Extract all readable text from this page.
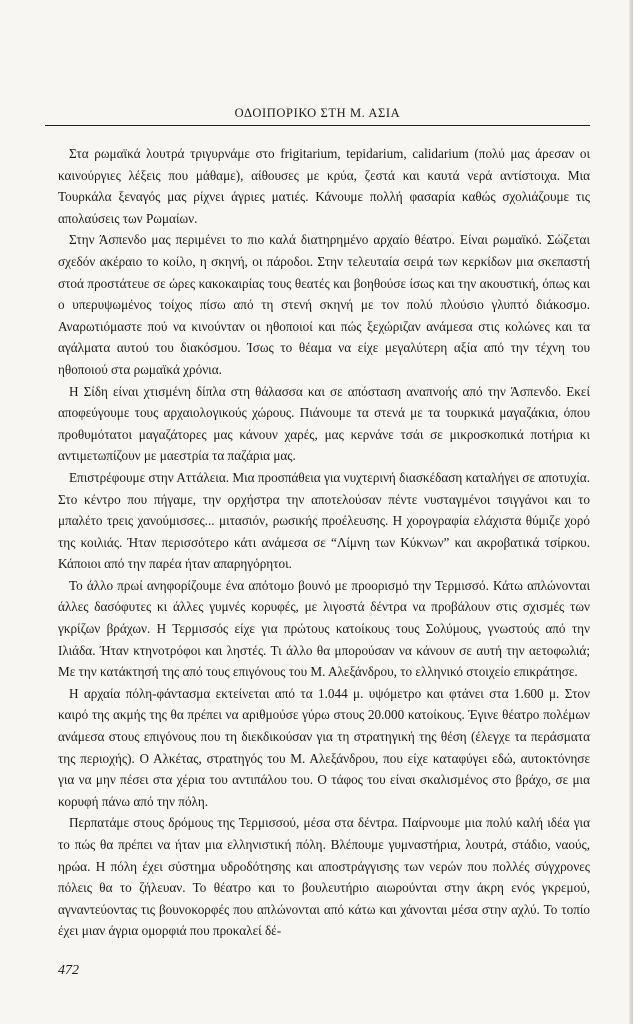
ΟΔΟΙΠΟΡΙΚΟ ΣΤΗ Μ. ΑΣΙΑ

Στα ρωμαϊκά λουτρά τριγυρνάμε στο frigitarium, tepidarium, calidarium (πολύ μας άρεσαν οι καινούργιες λέξεις που μάθαμε), αίθουσες με κρύα, ζεστά και καυτά νερά αντίστοιχα. Μια Τουρκάλα ξεναγός μας ρίχνει άγριες ματιές. Κάνουμε πολλή φασαρία καθώς σχολιάζουμε τις απολαύσεις των Ρωμαίων.

Στην Άσπενδο μας περιμένει το πιο καλά διατηρημένο αρχαίο θέατρο. Είναι ρωμαϊκό. Σώζεται σχεδόν ακέραιο το κοίλο, η σκηνή, οι πάροδοι. Στην τελευταία σειρά των κερκίδων μια σκεπαστή στοά προστάτευε σε ώρες κακοκαιρίας τους θεατές και βοηθούσε ίσως και την ακουστική, όπως και ο υπερυψωμένος τοίχος πίσω από τη στενή σκηνή με τον πολύ πλούσιο γλυπτό διάκοσμο. Αναρωτιόμαστε πού να κινούνταν οι ηθοποιοί και πώς ξεχώριζαν ανάμεσα στις κολώνες και τα αγάλματα αυτού του διακόσμου. Ίσως το θέαμα να είχε μεγαλύτερη αξία από την τέχνη του ηθοποιού στα ρωμαϊκά χρόνια.

Η Σίδη είναι χτισμένη δίπλα στη θάλασσα και σε απόσταση αναπνοής από την Άσπενδο. Εκεί αποφεύγουμε τους αρχαιολογικούς χώρους. Πιάνουμε τα στενά με τα τουρκικά μαγαζάκια, όπου προθυμότατοι μαγαζάτορες μας κάνουν χαρές, μας κερνάνε τσάι σε μικροσκοπικά ποτήρια κι αντιμετωπίζουν με μαεστρία τα παζάρια μας.

Επιστρέφουμε στην Αττάλεια. Μια προσπάθεια για νυχτερινή διασκέδαση καταλήγει σε αποτυχία. Στο κέντρο που πήγαμε, την ορχήστρα την αποτελούσαν πέντε νυσταγμένοι τσιγγάνοι και το μπαλέτο τρεις χανούμισσες... μιτασιόν, ρωσικής προέλευσης. Η χορογραφία ελάχιστα θύμιζε χορό της κοιλιάς. Ήταν περισσότερο κάτι ανάμεσα σε “Λίμνη των Κύκνων” και ακροβατικά τσίρκου. Κάποιοι από την παρέα ήταν απαρηγόρητοι.

Το άλλο πρωί ανηφορίζουμε ένα απότομο βουνό με προορισμό την Τερμισσό. Κάτω απλώνονται άλλες δασόφυτες κι άλλες γυμνές κορυφές, με λιγοστά δέντρα να προβάλουν στις σχισμές των γκρίζων βράχων. Η Τερμισσός είχε για πρώτους κατοίκους τους Σολύμους, γνωστούς από την Ιλιάδα. Ήταν κτηνοτρόφοι και ληστές. Τι άλλο θα μπορούσαν να κάνουν σε αυτή την αετοφωλιά; Με την κατάκτησή της από τους επιγόνους του Μ. Αλεξάνδρου, το ελληνικό στοιχείο επικράτησε.

Η αρχαία πόλη-φάντασμα εκτείνεται από τα 1.044 μ. υψόμετρο και φτάνει στα 1.600 μ. Στον καιρό της ακμής της θα πρέπει να αριθμούσε γύρω στους 20.000 κατοίκους. Έγινε θέατρο πολέμων ανάμεσα στους επιγόνους που τη διεκδικούσαν για τη στρατηγική της θέση (έλεγχε τα περάσματα της περιοχής). Ο Αλκέτας, στρατηγός του Μ. Αλεξάνδρου, που είχε καταφύγει εδώ, αυτοκτόνησε για να μην πέσει στα χέρια του αντιπάλου του. Ο τάφος του είναι σκαλισμένος στο βράχο, σε μια κορυφή πάνω από την πόλη.

Περπατάμε στους δρόμους της Τερμισσού, μέσα στα δέντρα. Παίρνουμε μια πολύ καλή ιδέα για το πώς θα πρέπει να ήταν μια ελληνιστική πόλη. Βλέπουμε γυμναστήρια, λουτρά, στάδιο, ναούς, ηρώα. Η πόλη έχει σύστημα υδροδότησης και αποστράγγισης των νερών που πολλές σύγχρονες πόλεις θα το ζήλευαν. Το θέατρο και το βουλευτήριο αιωρούνται στην άκρη ενός γκρεμού, αγναντεύοντας τις βουνοκορφές που απλώνονται από κάτω και χάνονται μέσα στην αχλύ. Το τοπίο έχει μιαν άγρια ομορφιά που προκαλεί δέ-

472
